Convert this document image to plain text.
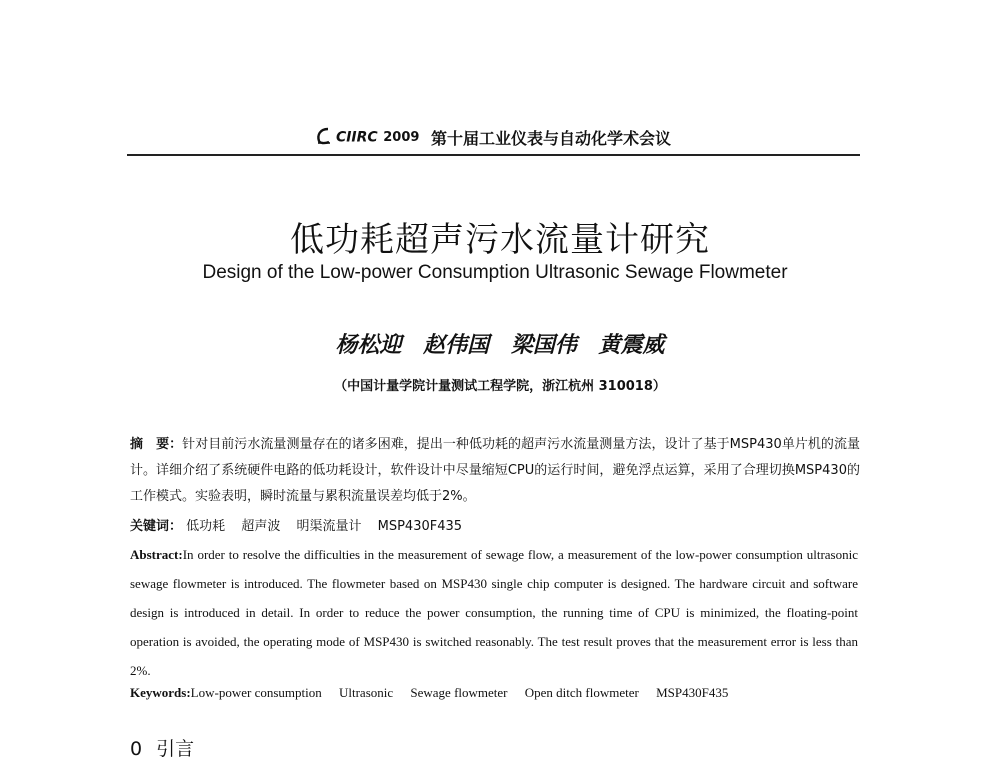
CIIRC 2009 第十届工业仪表与自动化学术会议
低功耗超声污水流量计研究
Design of the Low-power Consumption Ultrasonic Sewage Flowmeter
杨松迎 赵伟国 梁国伟 黄震威
（中国计量学院计量测试工程学院，浙江杭州 310018）
摘　要：针对目前污水流量测量存在的诸多困难，提出一种低功耗的超声污水流量测量方法，设计了基于MSP430单片机的流量计。详细介绍了系统硬件电路的低功耗设计，软件设计中尽量缩短CPU的运行时间，避免浮点运算，采用了合理切换MSP430的工作模式。实验表明，瞬时流量与累积流量误差均低于2%。
关键词： 低功耗 超声波 明渠流量计 MSP430F435
Abstract:In order to resolve the difficulties in the measurement of sewage flow, a measurement of the low-power consumption ultrasonic sewage flowmeter is introduced. The flowmeter based on MSP430 single chip computer is designed. The hardware circuit and software design is introduced in detail. In order to reduce the power consumption, the running time of CPU is minimized, the floating-point operation is avoided, the operating mode of MSP430 is switched reasonably. The test result proves that the measurement error is less than 2%.
Keywords:Low-power consumption Ultrasonic Sewage flowmeter Open ditch flowmeter MSP430F435
0 引言
